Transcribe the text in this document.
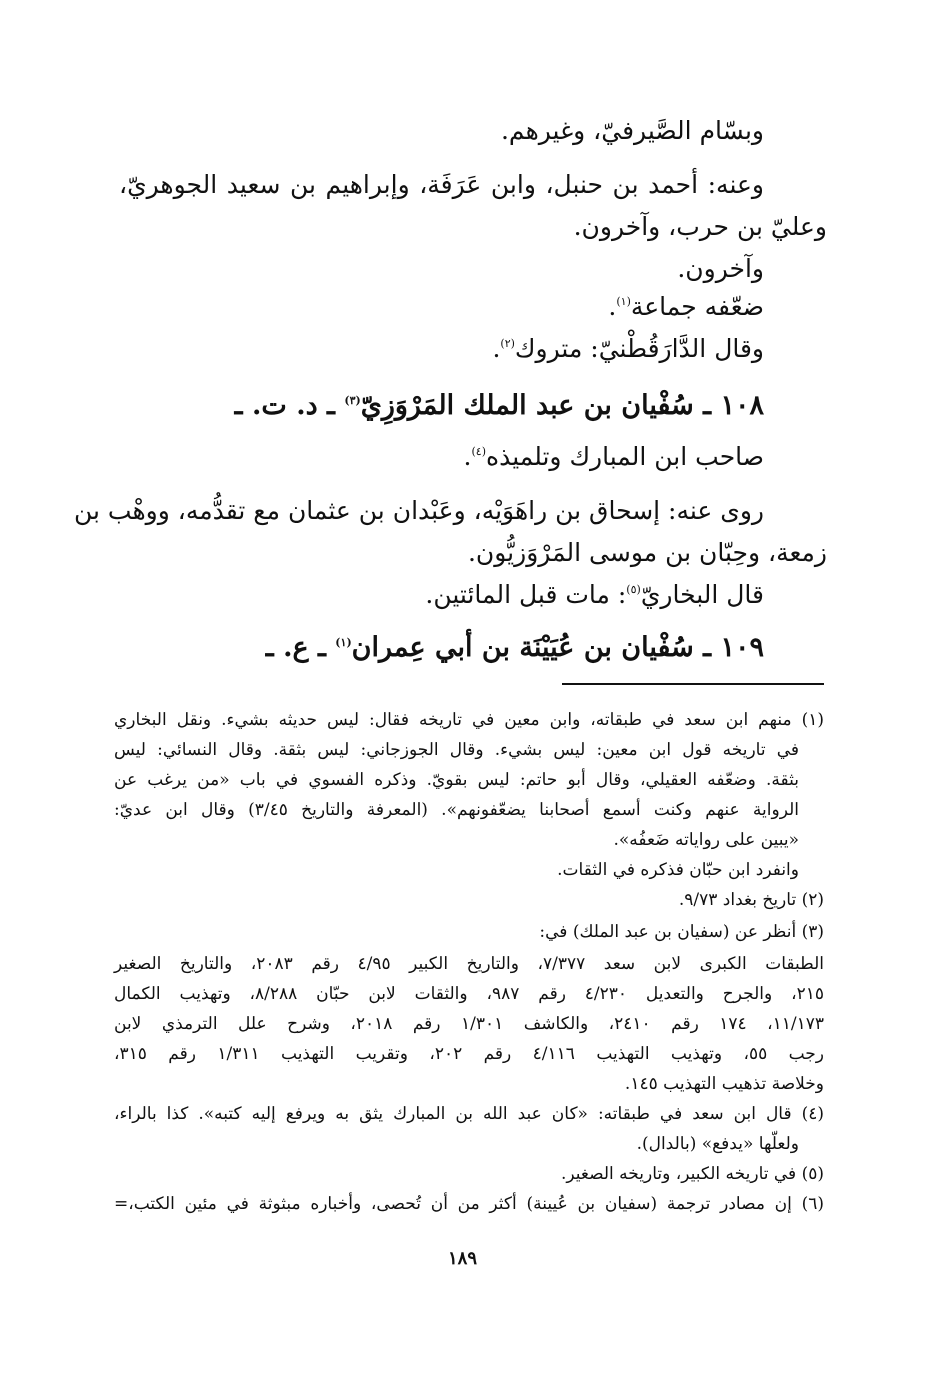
وبسّام الصَّيرفيّ، وغيرهم.
وعنه: أحمد بن حنبل، وابن عَرَفَة، وإبراهيم بن سعيد الجوهريّ،
وعليّ بن حرب، وآخرون.
وآخرون.
ضعّفه جماعة$^{(١)}$.
وقال الدَّارَقُطْنيّ: متروك$^{(٢)}$.
١٠٨ ـ سُفْيان بن عبد الملك المَرْوَزِيّ$^{(٣)}$ ـ د. ت. ـ
صاحب ابن المبارك وتلميذه$^{(٤)}$.
روى عنه: إسحاق بن راهَوَيْه، وعَبْدان بن عثمان مع تقدُّمه، ووهْب بن
زمعة، وحِبّان بن موسى المَرْوَزيُّون.
قال البخاريّ$^{(٥)}$: مات قبل المائتين.
١٠٩ ـ سُفْيان بن عُيَيْنَة بن أبي عِمران$^{(١)}$ ـ ع. ـ
(١) منهم ابن سعد في طبقاته، وابن معين في تاريخه فقال: ليس حديثه بشيء. ونقل البخاري
في تاريخه قول ابن معين: ليس بشيء. وقال الجوزجاني: ليس بثقة. وقال النسائي: ليس
بثقة. وضعّفه العقيلي، وقال أبو حاتم: ليس بقويّ. وذكره الفسوي في باب «من يرغب عن
الرواية عنهم وكنت أسمع أصحابنا يضعّفونهم». (المعرفة والتاريخ ٣/٤٥) وقال ابن عديّ:
«يبين على رواياته ضَعفُه».
وانفرد ابن حبّان فذكره في الثقات.
(٢) تاريخ بغداد ٩/٧٣.
(٣) أنظر عن (سفيان بن عبد الملك) في:
الطبقات الكبرى لابن سعد ٧/٣٧٧، والتاريخ الكبير ٤/٩٥ رقم ٢٠٨٣، والتاريخ الصغير
٢١٥، والجرح والتعديل ٤/٢٣٠ رقم ٩٨٧، والثقات لابن حبّان ٨/٢٨٨، وتهذيب الكمال
١١/١٧٣، ١٧٤ رقم ٢٤١٠، والكاشف ١/٣٠١ رقم ٢٠١٨، وشرح علل الترمذي لابن
رجب ٥٥، وتهذيب التهذيب ٤/١١٦ رقم ٢٠٢، وتقريب التهذيب ١/٣١١ رقم ٣١٥،
وخلاصة تذهيب التهذيب ١٤٥.
(٤) قال ابن سعد في طبقاته: «كان عبد الله بن المبارك يثق به ويرفع إليه كتبه». كذا بالراء،
ولعلّها «يدفع» (بالدال).
(٥) في تاريخه الكبير، وتاريخه الصغير.
(٦) إن مصادر ترجمة (سفيان بن عُيينة) أكثر من أن تُحصى، وأخباره مبثوثة في مئين الكتب،=
١٨٩
